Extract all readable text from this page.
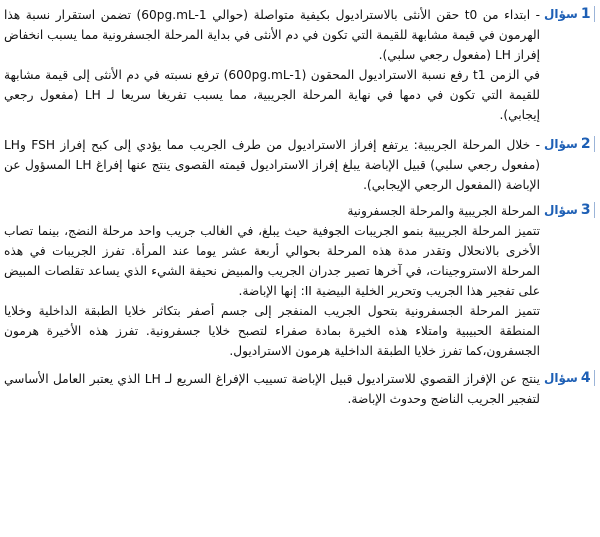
سؤال 1

- ابتداء من t0 حقن الأنثى بالاستراديول بكيفية متواصلة (حوالي 60pg.mL-1) تضمن استقرار نسبة هذا الهرمون في قيمة مشابهة للقيمة التي تكون في دم الأنثى في بداية المرحلة الجسفرونية مما يسبب انخفاض إفراز LH (مفعول رجعي سلبي).

في الزمن t1 رفع نسبة الاستراديول المحقون (600pg.mL-1) ترفع نسبته في دم الأنثى إلى قيمة مشابهة للقيمة التي تكون في دمها في نهاية المرحلة الجريبية، مما يسبب تفريغا سريعا لـ LH (مفعول رجعي إيجابي).

سؤال 2

- خلال المرحلة الجريبية: يرتفع إفراز الاستراديول من طرف الجريب مما يؤدي إلى كبح إفراز FSH وLH (مفعول رجعي سلبي) قبيل الإباضة يبلغ إفراز الاستراديول قيمته القصوى ينتج عنها إفراغ LH المسؤول عن الإباضة (المفعول الرجعي الإيجابي).

سؤال 3

المرحلة الجريبية والمرحلة الجسفرونية

تتميز المرحلة الجريبية بنمو الجريبات الجوفية حيث يبلغ، في الغالب جريب واحد مرحلة النضج، بينما تصاب الأخرى بالانحلال وتقدر مدة هذه المرحلة بحوالي أربعة عشر يوما عند المرأة. تفرز الجريبات في هذه المرحلة الاستروجينات، في آخرها تصير جدران الجريب والمبيض نحيفة الشيء الذي يساعد تقلصات المبيض على تفجير هذا الجريب وتحرير الخلية البيضية II: إنها الإباضة.

تتميز المرحلة الجسفرونية بتحول الجريب المنفجر إلى جسم أصفر بتكاثر خلايا الطبقة الداخلية وخلايا المنطقة الحبيبية وامتلاء هذه الخيرة بمادة صفراء لتصبح خلايا جسفرونية. تفرز هذه الأخيرة هرمون الجسفرون،كما تفرز خلايا الطبقة الداخلية هرمون الاستراديول.

سؤال 4

ينتج عن الإفراز القصوي للاستراديول قبيل الإباضة تسييب الإفراغ السريع لـ LH الذي يعتبر العامل الأساسي لتفجير الجريب الناضج وحدوث الإباضة.
